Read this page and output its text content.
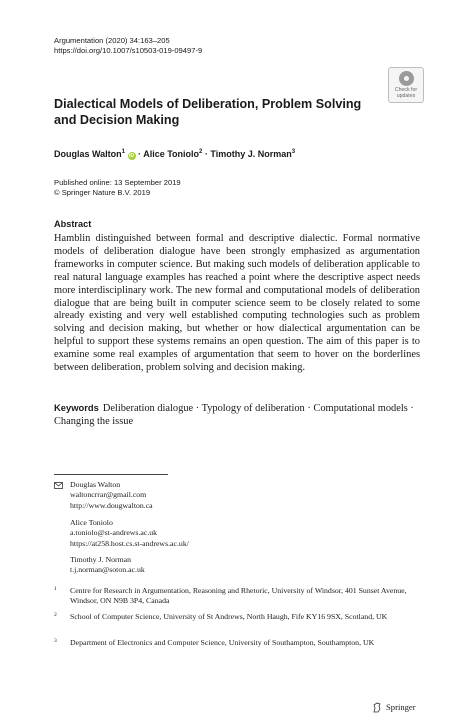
Argumentation (2020) 34:163–205
https://doi.org/10.1007/s10503-019-09497-9
Check for
updates
Dialectical Models of Deliberation, Problem Solving and Decision Making
Douglas Walton$^1$ iD · Alice Toniolo$^2$ · Timothy J. Norman$^3$
Published online: 13 September 2019
© Springer Nature B.V. 2019
Abstract

Hamblin distinguished between formal and descriptive dialectic. Formal normative models of deliberation dialogue have been strongly emphasized as argumentation frameworks in computer science. But making such models of deliberation applicable to real natural language examples has reached a point where the descriptive aspect needs more interdisciplinary work. The new formal and computational models of deliberation dialogue that are being built in computer science seem to be closely related to some already existing and very well established computing technologies such as problem solving and decision making, but whether or how dialectical argumentation can be helpful to support these systems remains an open question. The aim of this paper is to examine some real examples of argumentation that seem to hover on the borderlines between deliberation, problem solving and decision making.

Keywords Deliberation dialogue · Typology of deliberation · Computational models · Changing the issue

Douglas Walton
waltoncrrar@gmail.com
http://www.dougwalton.ca
Alice Toniolo
a.toniolo@st-andrews.ac.uk
https://at258.host.cs.st-andrews.ac.uk/
Timothy J. Norman
t.j.norman@soton.ac.uk
1 Centre for Research in Argumentation, Reasoning and Rhetoric, University of Windsor, 401 Sunset Avenue, Windsor, ON N9B 3P4, Canada
2 School of Computer Science, University of St Andrews, North Haugh, Fife KY16 9SX, Scotland, UK
3 Department of Electronics and Computer Science, University of Southampton, Southampton, UK
Springer
